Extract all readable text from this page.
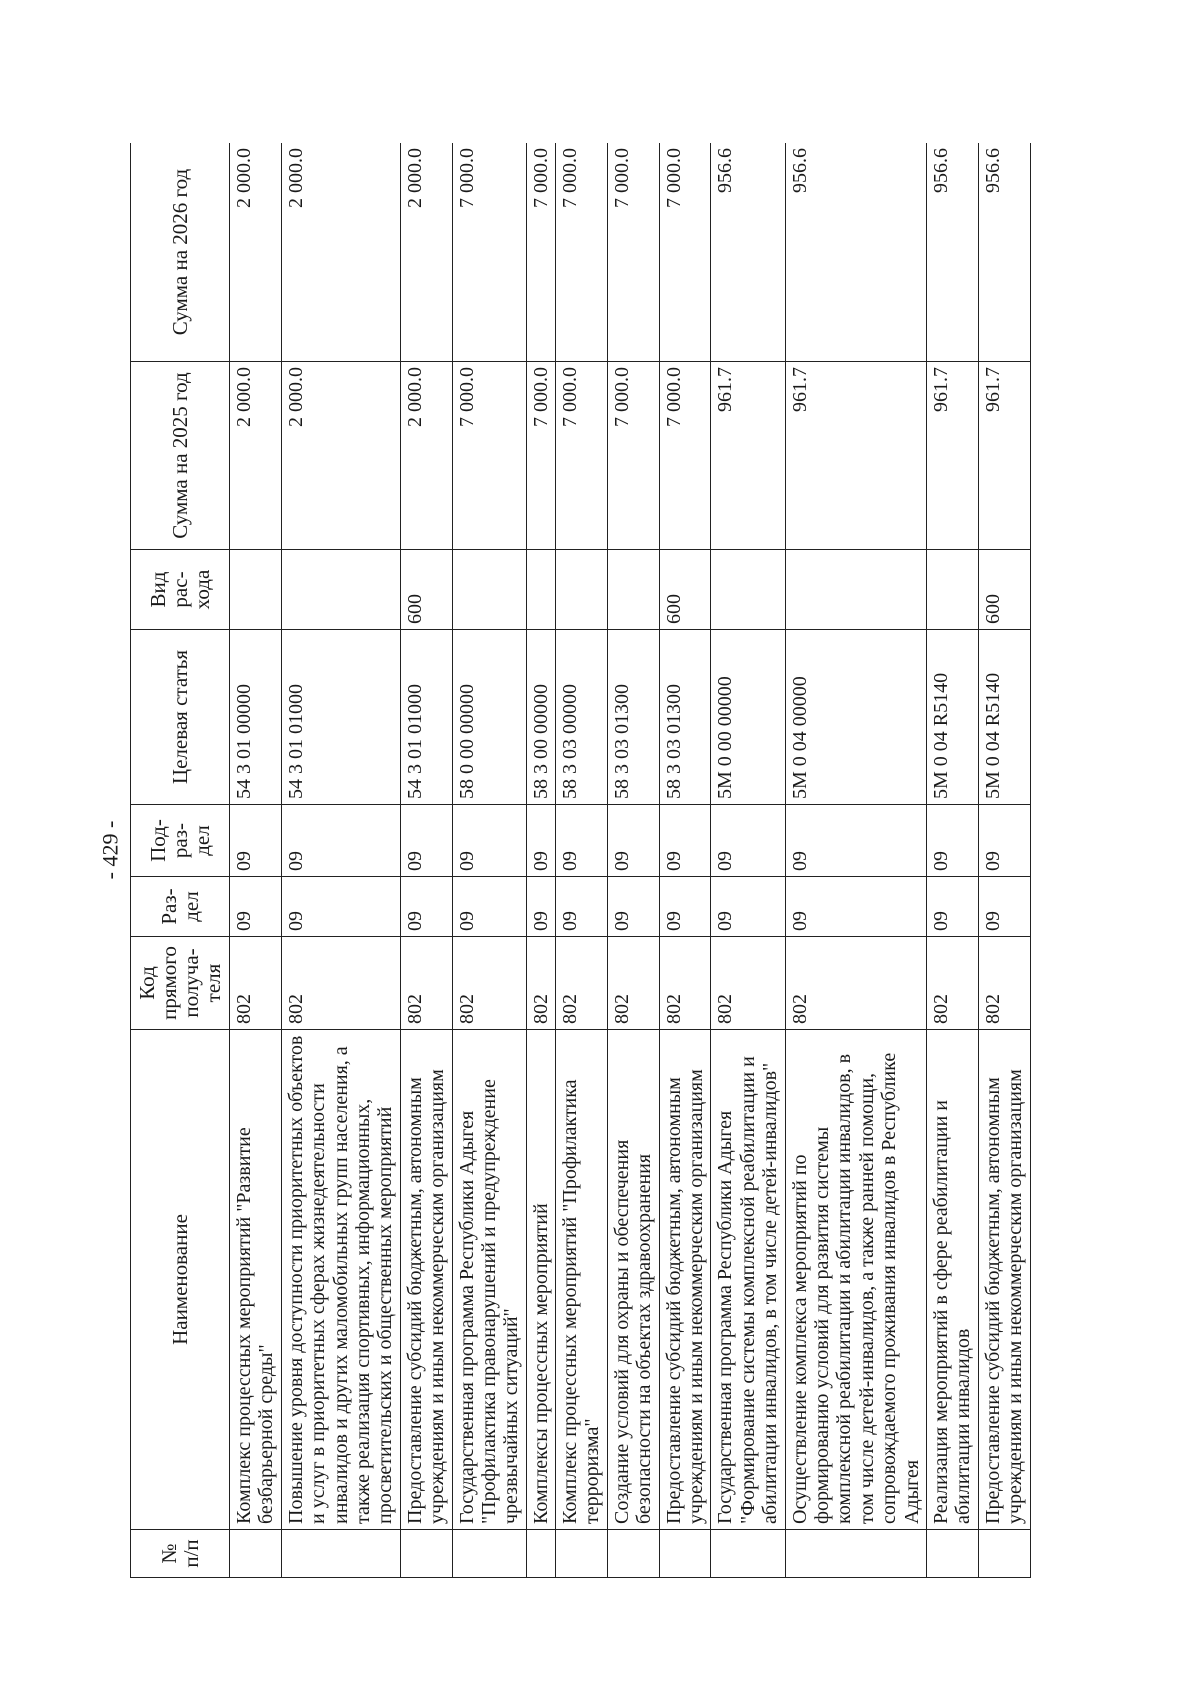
- 429 -
№ п/п	Наименование	Код прямого получа- теля	Раз- дел	Под- раз- дел	Целевая статья	Вид рас- хода	Сумма на 2025 год	Сумма на 2026 год
	Комплекс процессных мероприятий "Развитие безбарьерной среды"	802	09	09	54 3 01 00000		2 000.0	2 000.0
	Повышение уровня доступности приоритетных объектов и услуг в приоритетных сферах жизнедеятельности инвалидов и других маломобильных групп населения, а также реализация спортивных, информационных, просветительских и общественных мероприятий	802	09	09	54 3 01 01000		2 000.0	2 000.0
	Предоставление субсидий бюджетным, автономным учреждениям и иным некоммерческим организациям	802	09	09	54 3 01 01000	600	2 000.0	2 000.0
	Государственная программа Республики Адыгея "Профилактика правонарушений и предупреждение чрезвычайных ситуаций"	802	09	09	58 0 00 00000		7 000.0	7 000.0
	Комплексы процессных мероприятий	802	09	09	58 3 00 00000		7 000.0	7 000.0
	Комплекс процессных мероприятий "Профилактика терроризма"	802	09	09	58 3 03 00000		7 000.0	7 000.0
	Создание условий для охраны и обеспечения безопасности на объектах здравоохранения	802	09	09	58 3 03 01300		7 000.0	7 000.0
	Предоставление субсидий бюджетным, автономным учреждениям и иным некоммерческим организациям	802	09	09	58 3 03 01300	600	7 000.0	7 000.0
	Государственная программа Республики Адыгея "Формирование системы комплексной реабилитации и абилитации инвалидов, в том числе детей-инвалидов"	802	09	09	5М 0 00 00000		961.7	956.6
	Осуществление комплекса мероприятий по формированию условий для развития системы комплексной реабилитации и абилитации инвалидов, в том числе детей-инвалидов, а также ранней помощи, сопровождаемого проживания инвалидов в Республике Адыгея	802	09	09	5М 0 04 00000		961.7	956.6
	Реализация мероприятий в сфере реабилитации и абилитации инвалидов	802	09	09	5М 0 04 R5140		961.7	956.6
	Предоставление субсидий бюджетным, автономным учреждениям и иным некоммерческим организациям	802	09	09	5М 0 04 R5140	600	961.7	956.6
